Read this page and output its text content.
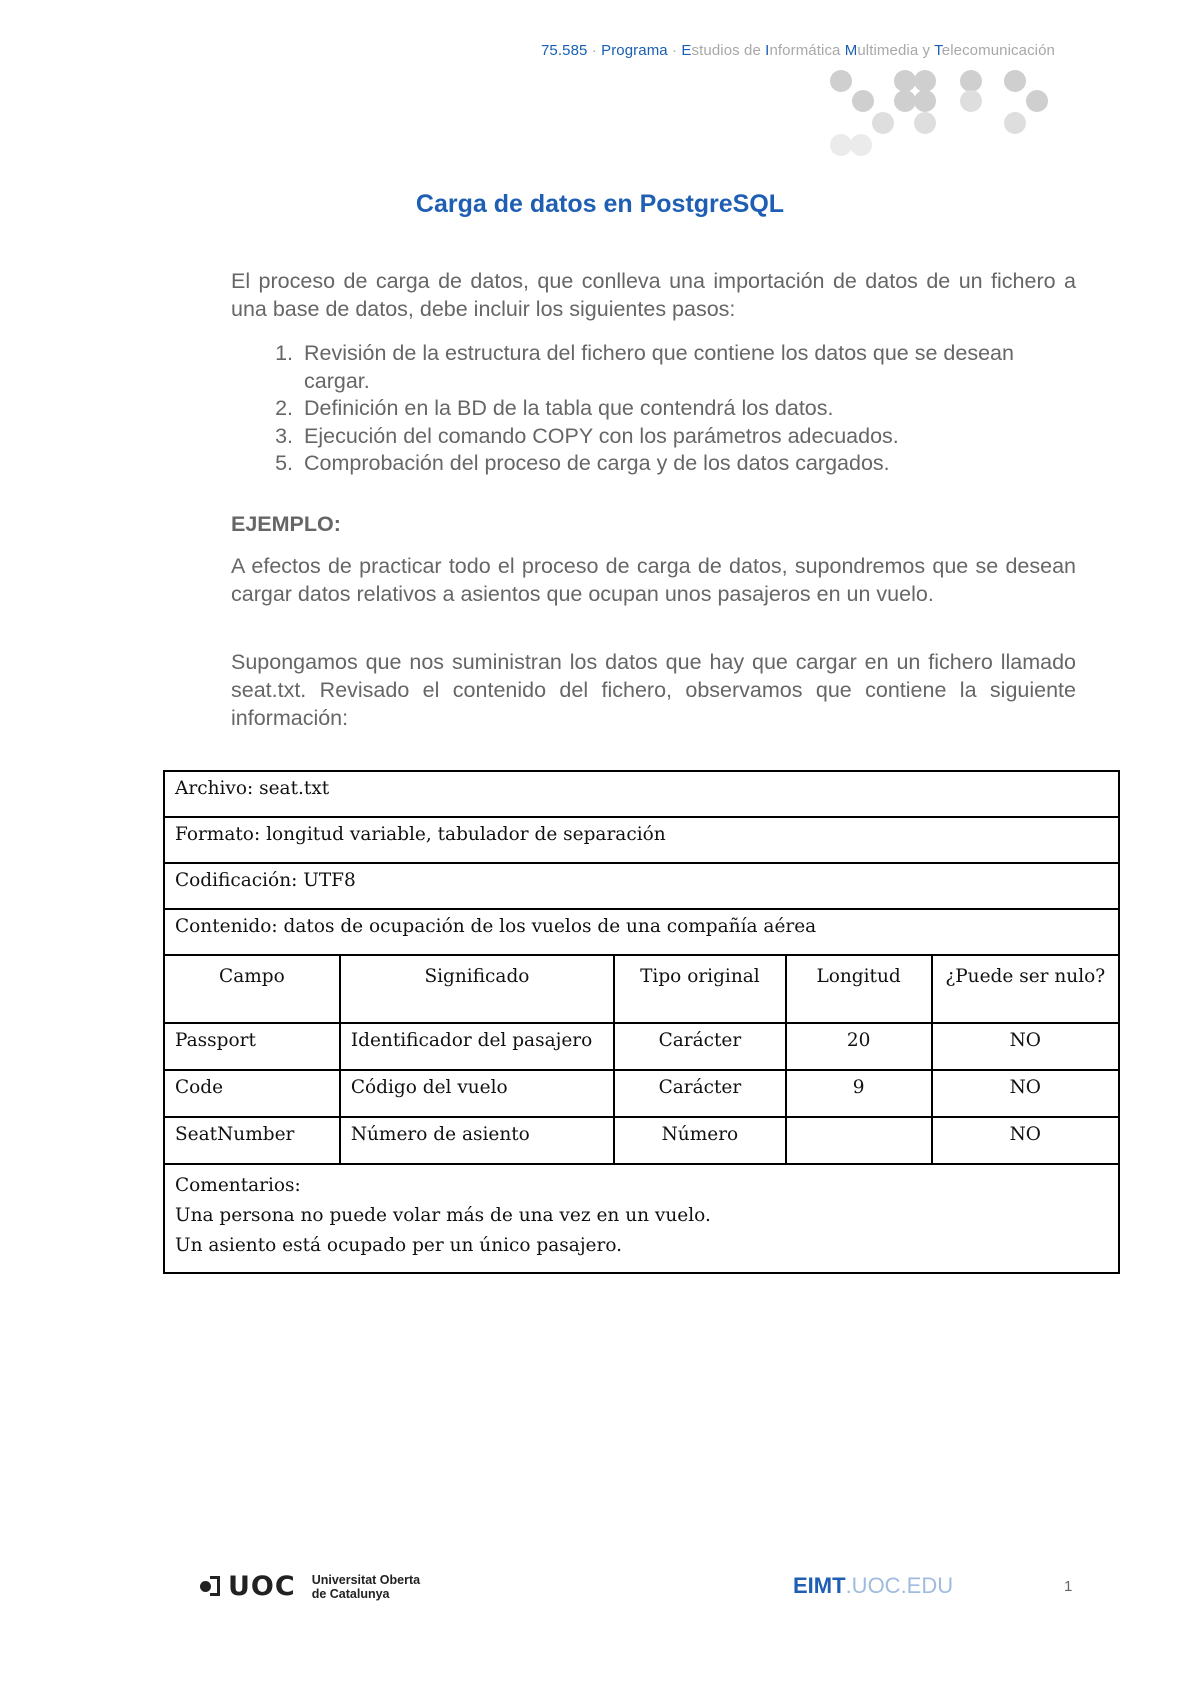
75.585 · Programa · Estudios de Informática Multimedia y Telecomunicación
Carga de datos en PostgreSQL

El proceso de carga de datos, que conlleva una importación de datos de un fichero a una base de datos, debe incluir los siguientes pasos:

1. Revisión de la estructura del fichero que contiene los datos que se desean cargar.
2. Definición en la BD de la tabla que contendrá los datos.
3. Ejecución del comando COPY con los parámetros adecuados.
5. Comprobación del proceso de carga y de los datos cargados.
EJEMPLO:

A efectos de practicar todo el proceso de carga de datos, supondremos que se desean cargar datos relativos a asientos que ocupan unos pasajeros en un vuelo.

Supongamos que nos suministran los datos que hay que cargar en un fichero llamado seat.txt. Revisado el contenido del fichero, observamos que contiene la siguiente información:

Archivo: seat.txt				
Formato: longitud variable, tabulador de separación				
Codificación: UTF8				
Contenido: datos de ocupación de los vuelos de una compañía aérea				
Campo	Significado	Tipo original	Longitud	¿Puede ser nulo?
Passport	Identificador del pasajero	Carácter	20	NO
Code	Código del vuelo	Carácter	9	NO
SeatNumber	Número de asiento	Número		NO

Comentarios:
Una persona no puede volar más de una vez en un vuelo.
Un asiento está ocupado per un único pasajero.				
UOC Universitat Oberta
de Catalunya	EIMT.UOC.EDU	1
